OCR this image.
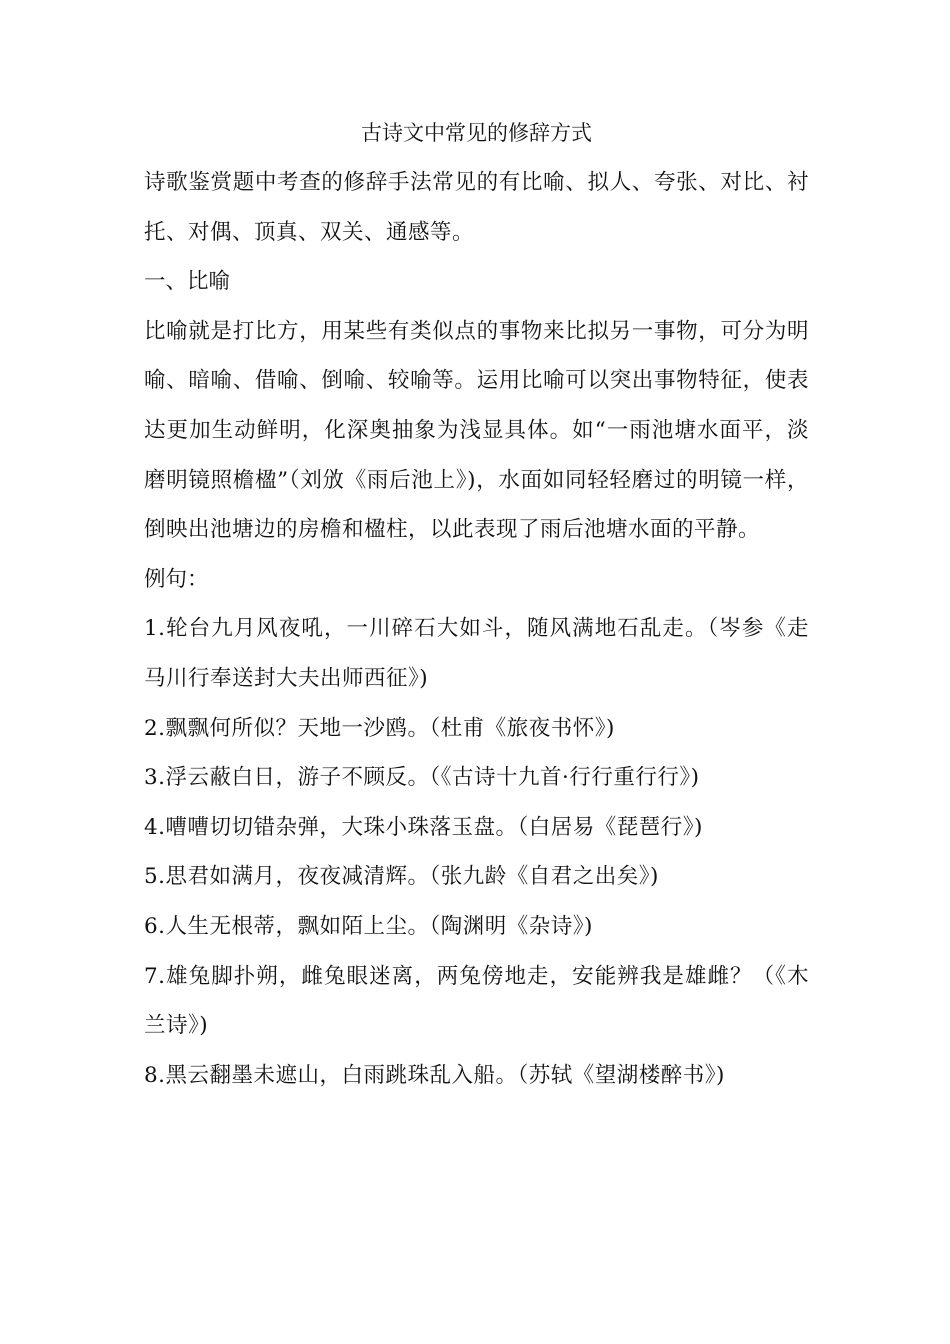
古诗文中常见的修辞方式

诗歌鉴赏题中考查的修辞手法常见的有比喻、拟人、夸张、对比、衬托、对偶、顶真、双关、通感等。

一、比喻

比喻就是打比方，用某些有类似点的事物来比拟另一事物，可分为明喻、暗喻、借喻、倒喻、较喻等。运用比喻可以突出事物特征，使表达更加生动鲜明，化深奥抽象为浅显具体。如“一雨池塘水面平，淡磨明镜照檐楹”（刘攽《雨后池上》)，水面如同轻轻磨过的明镜一样，倒映出池塘边的房檐和楹柱，以此表现了雨后池塘水面的平静。

例句：

1.轮台九月风夜吼，一川碎石大如斗，随风满地石乱走。（岑参《走马川行奉送封大夫出师西征》)
2.飘飘何所似？天地一沙鸥。（杜甫《旅夜书怀》)
3.浮云蔽白日，游子不顾反。（《古诗十九首·行行重行行》)
4.嘈嘈切切错杂弹，大珠小珠落玉盘。（白居易《琵琶行》)
5.思君如满月，夜夜减清辉。（张九龄《自君之出矣》)
6.人生无根蒂，飘如陌上尘。（陶渊明《杂诗》)
7.雄兔脚扑朔，雌兔眼迷离，两兔傍地走，安能辨我是雄雌？（《木兰诗》)
8.黑云翻墨未遮山，白雨跳珠乱入船。（苏轼《望湖楼醉书》)
